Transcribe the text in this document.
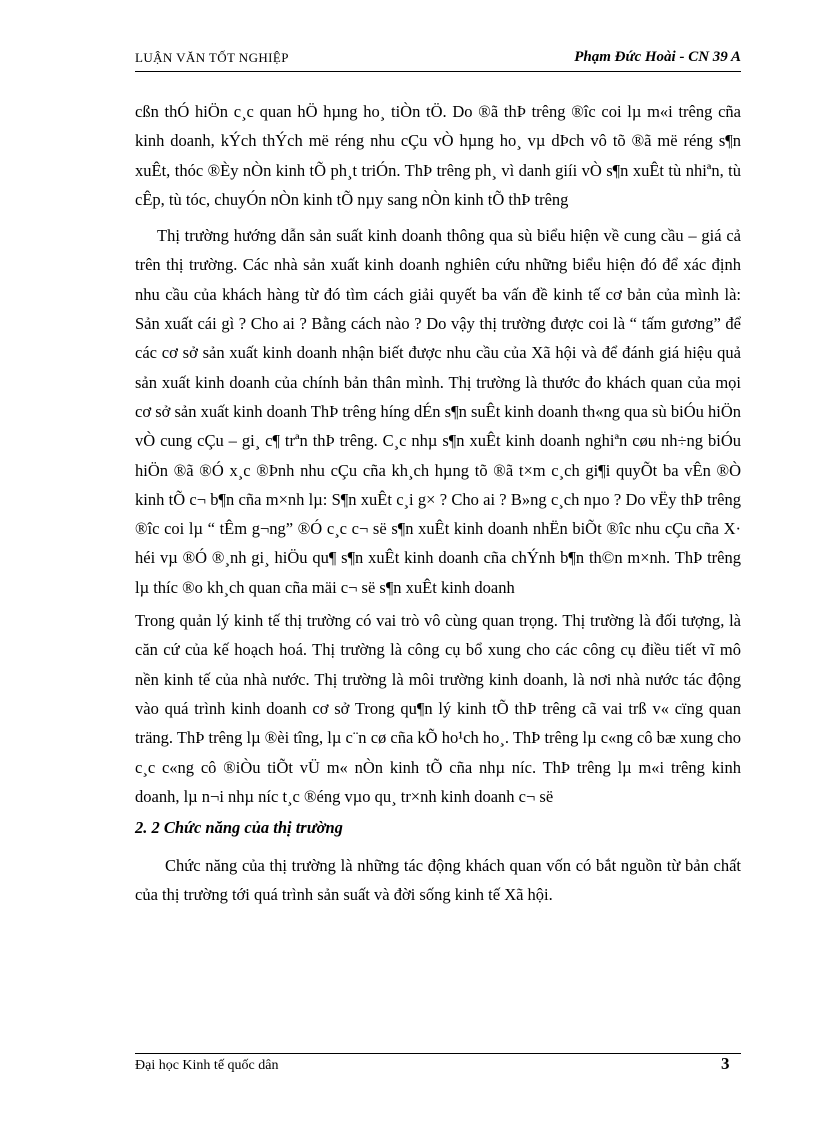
LUẬN VĂN TỐT NGHIỆP	Phạm Đức Hoài - CN 39 A

cßn thÓ hiÖn c¸c quan hÖ hµng ho¸ tiÒn tÖ. Do ®ã thÞ trêng ®îc coi lµ m«i trêng cña kinh doanh, kÝch thÝch më réng nhu cÇu vÒ hµng ho¸ vµ dÞch vô tõ ®ã më réng s¶n xuÊt, thóc ®Èy nÒn kinh tÕ ph¸t triÓn. ThÞ trêng ph¸ vì danh giíi vÒ s¶n xuÊt tù nhiªn, tù cÊp, tù tóc, chuyÓn nÒn kinh tÕ nµy sang nÒn kinh tÕ thÞ trêng

Thị trường hướng dẫn sản suất kinh doanh thông qua sù biểu hiện về cung cầu – giá cả trên thị trường. Các nhà sản xuất kinh doanh nghiên cứu những biểu hiện đó để xác định nhu cầu của khách hàng từ đó tìm cách giải quyết ba vấn đề kinh tế cơ bản của mình là: Sản xuất cái gì ? Cho ai ? Bằng cách nào ? Do vậy thị trường được coi là “ tấm gương” để các cơ sở sản xuất kinh doanh nhận biết được nhu cầu của Xã hội và để đánh giá hiệu quả sản xuất kinh doanh của chính bản thân mình. Thị trường là thước đo khách quan của mọi cơ sở sản xuất kinh doanh ThÞ trêng híng dÉn s¶n suÊt kinh doanh th«ng qua sù biÓu hiÖn vÒ cung cÇu – gi¸ c¶ trªn thÞ trêng. C¸c nhµ s¶n xuÊt kinh doanh nghiªn cøu nh÷ng biÓu hiÖn ®ã ®Ó x¸c ®Þnh nhu cÇu cña kh¸ch hµng tõ ®ã t×m c¸ch gi¶i quyÕt ba vÊn ®Ò kinh tÕ c¬ b¶n cña m×nh lµ: S¶n xuÊt c¸i g× ? Cho ai ? B»ng c¸ch nµo ? Do vËy thÞ trêng ®îc coi lµ “ tÊm g¬ng” ®Ó c¸c c¬ së s¶n xuÊt kinh doanh nhËn biÕt ®îc nhu cÇu cña X· héi vµ ®Ó ®¸nh gi¸ hiÖu qu¶ s¶n xuÊt kinh doanh cña chÝnh b¶n th©n m×nh. ThÞ trêng lµ thíc ®o kh¸ch quan cña mäi c¬ së s¶n xuÊt kinh doanh

Trong quản lý kinh tế thị trường có vai trò vô cùng quan trọng. Thị trường là đối tượng, là căn cứ của kế hoạch hoá. Thị trường là công cụ bổ xung cho các công cụ điều tiết vĩ mô nền kinh tế của nhà nước. Thị trường là môi trường kinh doanh, là nơi nhà nước tác động vào quá trình kinh doanh cơ sở Trong qu¶n lý kinh tÕ thÞ trêng cã vai trß v« cïng quan träng. ThÞ trêng lµ ®èi tîng, lµ c¨n cø cña kÕ ho¹ch ho¸. ThÞ trêng lµ c«ng cô bæ xung cho c¸c c«ng cô ®iÒu tiÕt vÜ m« nÒn kinh tÕ cña nhµ níc. ThÞ trêng lµ m«i trêng kinh doanh, lµ n¬i nhµ níc t¸c ®éng vµo qu¸ tr×nh kinh doanh c¬ së

2. 2 Chức năng của thị trường

Chức năng của thị trường là những tác động khách quan vốn có bắt nguồn từ bản chất của thị trường tới quá trình sản suất và đời sống kinh tế Xã hội.

Đại học Kinh tế quốc dân	3
